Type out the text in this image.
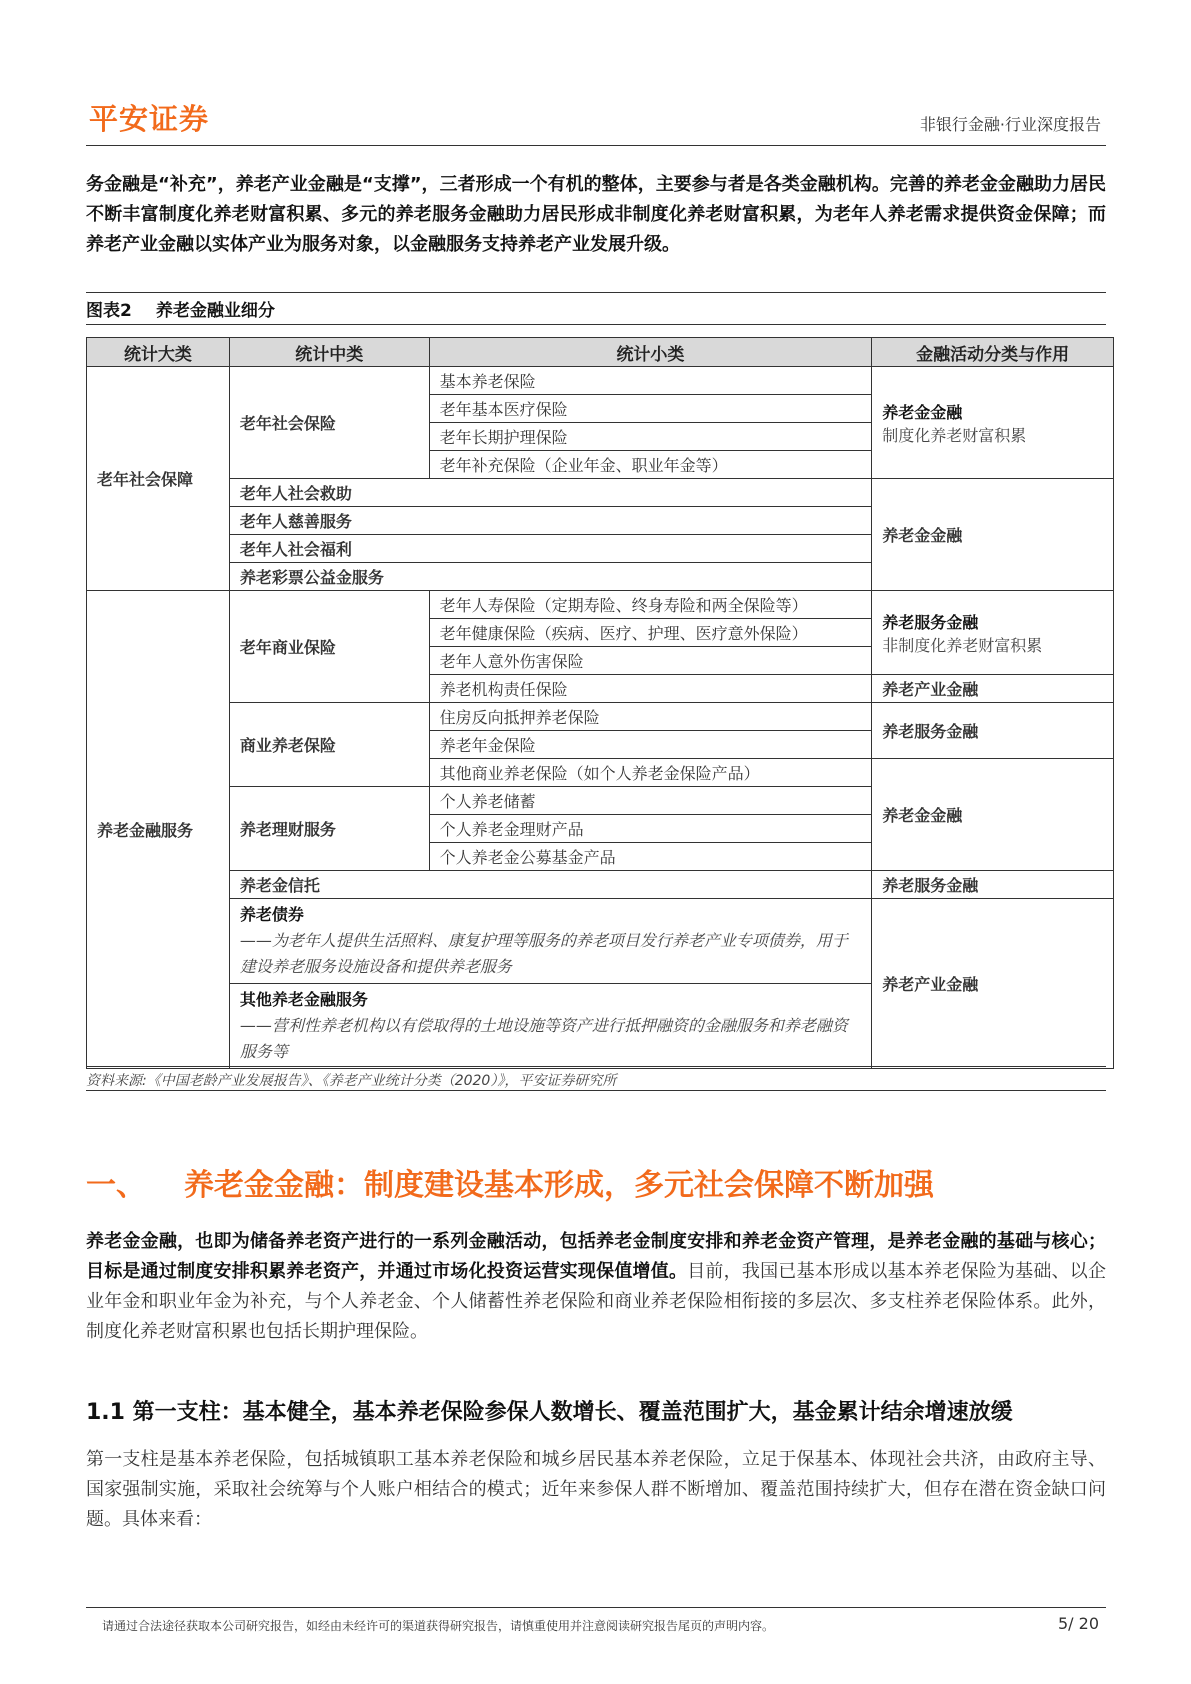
平安证券	非银行金融·行业深度报告

务金融是“补充”，养老产业金融是“支撑”，三者形成一个有机的整体，主要参与者是各类金融机构。完善的养老金金融助力居民不断丰富制度化养老财富积累、多元的养老服务金融助力居民形成非制度化养老财富积累，为老年人养老需求提供资金保障；而养老产业金融以实体产业为服务对象，以金融服务支持养老产业发展升级。

图表2 养老金融业细分
统计大类	统计中类	统计小类	金融活动分类与作用
老年社会保障	老年社会保险	基本养老保险	养老金金融
制度化养老财富积累

		老年基本医疗保险	
		老年长期护理保险	
		老年补充保险（企业年金、职业年金等）	
	老年人社会救助		养老金金融
	老年人慈善服务		
	老年人社会福利		
	养老彩票公益金服务		
养老金融服务	老年商业保险	老年人寿保险（定期寿险、终身寿险和两全保险等）	养老服务金融
非制度化养老财富积累

		老年健康保险（疾病、医疗、护理、医疗意外保险）	
		老年人意外伤害保险	
		养老机构责任保险	养老产业金融
	商业养老保险	住房反向抵押养老保险	养老服务金融
		养老年金保险	
		其他商业养老保险（如个人养老金保险产品）	养老金金融
	养老理财服务	个人养老储蓄	
		个人养老金理财产品	
		个人养老金公募基金产品	
	养老金信托		养老服务金融

	养老债券
——为老年人提供生活照料、康复护理等服务的养老项目发行养老产业专项债券，用于建设养老服务设施设备和提供养老服务		养老产业金融

	其他养老金融服务
——营利性养老机构以有偿取得的土地设施等资产进行抵押融资的金融服务和养老融资服务等		
资料来源:《中国老龄产业发展报告》、《养老产业统计分类（2020）》，平安证券研究所
一、 养老金金融：制度建设基本形成，多元社会保障不断加强

养老金金融，也即为储备养老资产进行的一系列金融活动，包括养老金制度安排和养老金资产管理，是养老金融的基础与核心；目标是通过制度安排积累养老资产，并通过市场化投资运营实现保值增值。目前，我国已基本形成以基本养老保险为基础、以企业年金和职业年金为补充，与个人养老金、个人储蓄性养老保险和商业养老保险相衔接的多层次、多支柱养老保险体系。此外，制度化养老财富积累也包括长期护理保险。

1.1 第一支柱：基本健全，基本养老保险参保人数增长、覆盖范围扩大，基金累计结余增速放缓

第一支柱是基本养老保险，包括城镇职工基本养老保险和城乡居民基本养老保险，立足于保基本、体现社会共济，由政府主导、国家强制实施，采取社会统筹与个人账户相结合的模式；近年来参保人群不断增加、覆盖范围持续扩大，但存在潜在资金缺口问题。具体来看：

请通过合法途径获取本公司研究报告，如经由未经许可的渠道获得研究报告，请慎重使用并注意阅读研究报告尾页的声明内容。	5/ 20
